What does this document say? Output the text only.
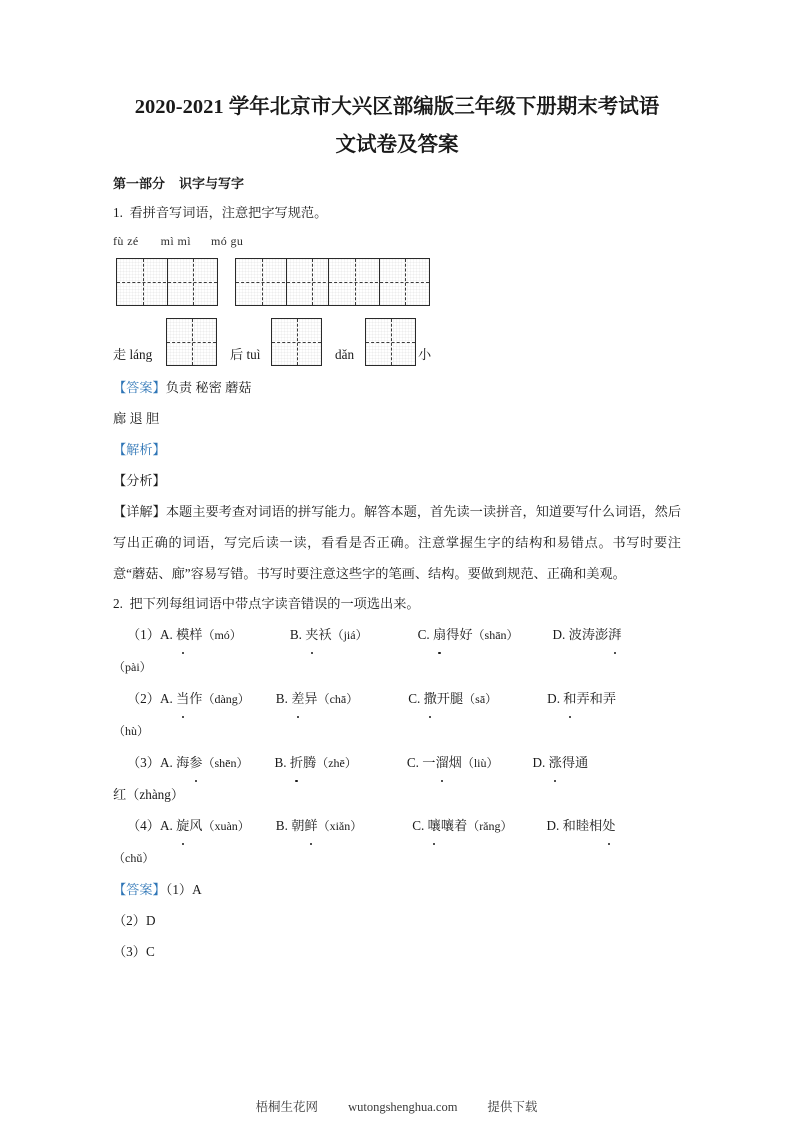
2020-2021 学年北京市大兴区部编版三年级下册期末考试语
文试卷及答案
第一部分 识字与写字
1. 看拼音写词语，注意把字写规范。
fù zé mì mì mó gu
走 láng	后 tuì	dǎn	小
【答案】负责 秘密 蘑菇
廊 退 胆
【解析】
【分析】
【详解】本题主要考查对词语的拼写能力。解答本题，首先读一读拼音，知道要写什么词语，然后写出正确的词语，写完后读一读，看看是否正确。注意掌握生字的结构和易错点。书写时要注意“蘑菇、廊”容易写错。书写时要注意这些字的笔画、结构。要做到规范、正确和美观。
2. 把下列每组词语中带点字读音错误的一项选出来。
（1）A. 模样（mó）	B. 夹袄（jiá）	C. 扇得好（shān）	D. 波涛澎湃
（pài）
（2）A. 当作（dàng） B. 差异（chā）	C. 撒开腿（sā）	D. 和弄和弄
（hù）
（3）A. 海参（shēn） B. 折腾（zhē）	C. 一溜烟（liù）	D. 涨得通
红（zhàng）
（4）A. 旋风（xuàn） B. 朝鲜（xiǎn）	C. 嚷嚷着（rǎng）	D. 和睦相处
（chǔ）
【答案】（1）A
（2）D
（3）C
梧桐生花网 wutongshenghua.com 提供下载
